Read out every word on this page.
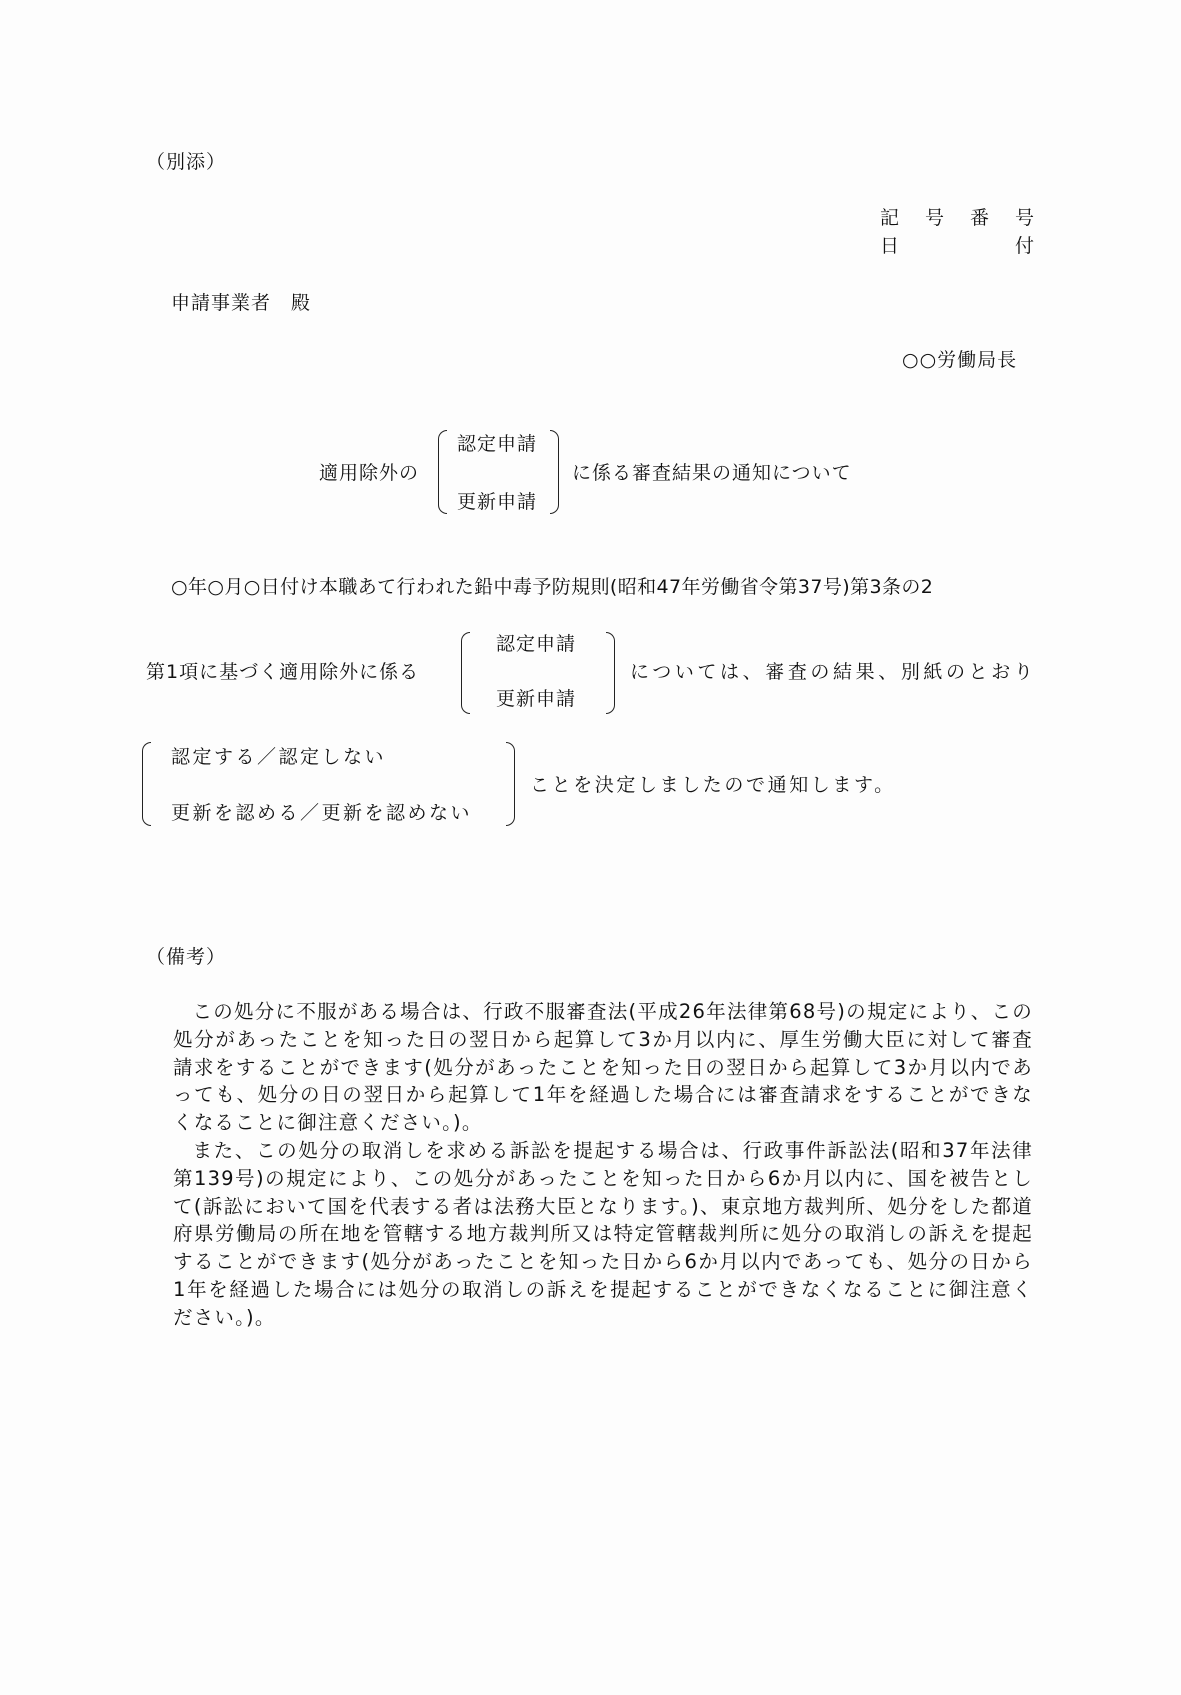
（別添）
記 号 番 号
日	付
申請事業者　殿
○○労働局長
適用除外の
認定申請
更新申請
に係る審査結果の通知について
○年○月○日付け本職あて行われた鉛中毒予防規則(昭和47年労働省令第37号)第3条の2
第1項に基づく適用除外に係る
認定申請
更新申請
については、審査の結果、別紙のとおり
認定する／認定しない
更新を認める／更新を認めない
ことを決定しましたので通知します。
（備考）

この処分に不服がある場合は、行政不服審査法(平成26年法律第68号)の規定により、この処分があったことを知った日の翌日から起算して3か月以内に、厚生労働大臣に対して審査請求をすることができます(処分があったことを知った日の翌日から起算して3か月以内であっても、処分の日の翌日から起算して1年を経過した場合には審査請求をすることができなくなることに御注意ください。)。

また、この処分の取消しを求める訴訟を提起する場合は、行政事件訴訟法(昭和37年法律第139号)の規定により、この処分があったことを知った日から6か月以内に、国を被告として(訴訟において国を代表する者は法務大臣となります。)、東京地方裁判所、処分をした都道府県労働局の所在地を管轄する地方裁判所又は特定管轄裁判所に処分の取消しの訴えを提起することができます(処分があったことを知った日から6か月以内であっても、処分の日から1年を経過した場合には処分の取消しの訴えを提起することができなくなることに御注意ください。)。
